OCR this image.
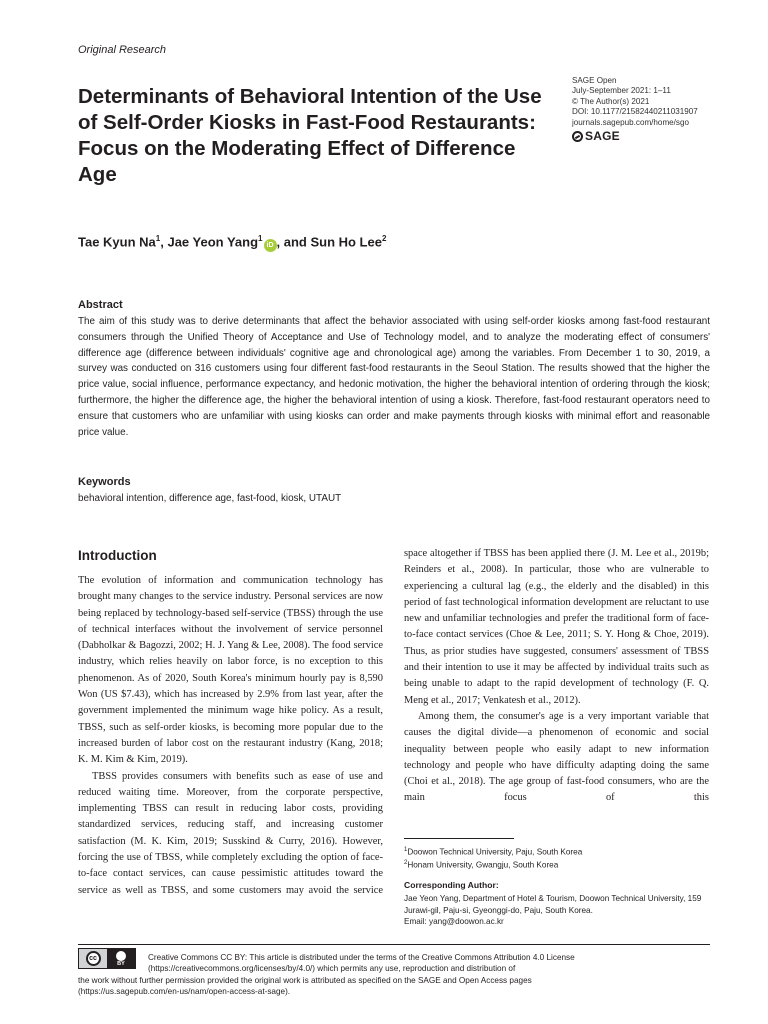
Original Research
Determinants of Behavioral Intention of the Use of Self-Order Kiosks in Fast-Food Restaurants: Focus on the Moderating Effect of Difference Age
SAGE Open
July-September 2021: 1–11
© The Author(s) 2021
DOI: 10.1177/21582440211031907
journals.sagepub.com/home/sgo
SAGE
Tae Kyun Na$^1$, Jae Yeon Yang$^1$iD , and Sun Ho Lee$^2$
Abstract

The aim of this study was to derive determinants that affect the behavior associated with using self-order kiosks among fast-food restaurant consumers through the Unified Theory of Acceptance and Use of Technology model, and to analyze the moderating effect of consumers' difference age (difference between individuals' cognitive age and chronological age) among the variables. From December 1 to 30, 2019, a survey was conducted on 316 customers using four different fast-food restaurants in the Seoul Station. The results showed that the higher the price value, social influence, performance expectancy, and hedonic motivation, the higher the behavioral intention of ordering through the kiosk; furthermore, the higher the difference age, the higher the behavioral intention of using a kiosk. Therefore, fast-food restaurant operators need to ensure that customers who are unfamiliar with using kiosks can order and make payments through kiosks with minimal effort and reasonable price value.

Keywords
behavioral intention, difference age, fast-food, kiosk, UTAUT
Introduction

The evolution of information and communication technology has brought many changes to the service industry. Personal services are now being replaced by technology-based self-service (TBSS) through the use of technical interfaces without the involvement of service personnel (Dabholkar & Bagozzi, 2002; H. J. Yang & Lee, 2008). The food service industry, which relies heavily on labor force, is no exception to this phenomenon. As of 2020, South Korea's minimum hourly pay is 8,590 Won (US $7.43), which has increased by 2.9% from last year, after the government implemented the minimum wage hike policy. As a result, TBSS, such as self-order kiosks, is becoming more popular due to the increased burden of labor cost on the restaurant industry (Kang, 2018; K. M. Kim & Kim, 2019).

TBSS provides consumers with benefits such as ease of use and reduced waiting time. Moreover, from the corporate perspective, implementing TBSS can result in reducing labor costs, providing standardized services, reducing staff, and increasing customer satisfaction (M. K. Kim, 2019; Susskind & Curry, 2016). However, forcing the use of TBSS, while completely excluding the option of face-to-face contact services, can cause pessimistic attitudes toward the service as well as TBSS, and some customers may avoid the service

space altogether if TBSS has been applied there (J. M. Lee et al., 2019b; Reinders et al., 2008). In particular, those who are vulnerable to experiencing a cultural lag (e.g., the elderly and the disabled) in this period of fast technological information development are reluctant to use new and unfamiliar technologies and prefer the traditional form of face-to-face contact services (Choe & Lee, 2011; S. Y. Hong & Choe, 2019). Thus, as prior studies have suggested, consumers' assessment of TBSS and their intention to use it may be affected by individual traits such as being unable to adapt to the rapid development of technology (F. Q. Meng et al., 2017; Venkatesh et al., 2012).

Among them, the consumer's age is a very important variable that causes the digital divide—a phenomenon of economic and social inequality between people who easily adapt to new information technology and people who have difficulty adapting doing the same (Choi et al., 2018). The age group of fast-food consumers, who are the main focus of this

$^1$Doowon Technical University, Paju, South Korea
$^2$Honam University, Gwangju, South Korea
Corresponding Author:
Jae Yeon Yang, Department of Hotel & Tourism, Doowon Technical University, 159 Jurawi-gil, Paju-si, Gyeonggi-do, Paju, South Korea.
Email: yang@doowon.ac.kr
cc
BY
Creative Commons CC BY: This article is distributed under the terms of the Creative Commons Attribution 4.0 License
(https://creativecommons.org/licenses/by/4.0/) which permits any use, reproduction and distribution of
the work without further permission provided the original work is attributed as specified on the SAGE and Open Access pages
(https://us.sagepub.com/en-us/nam/open-access-at-sage).
